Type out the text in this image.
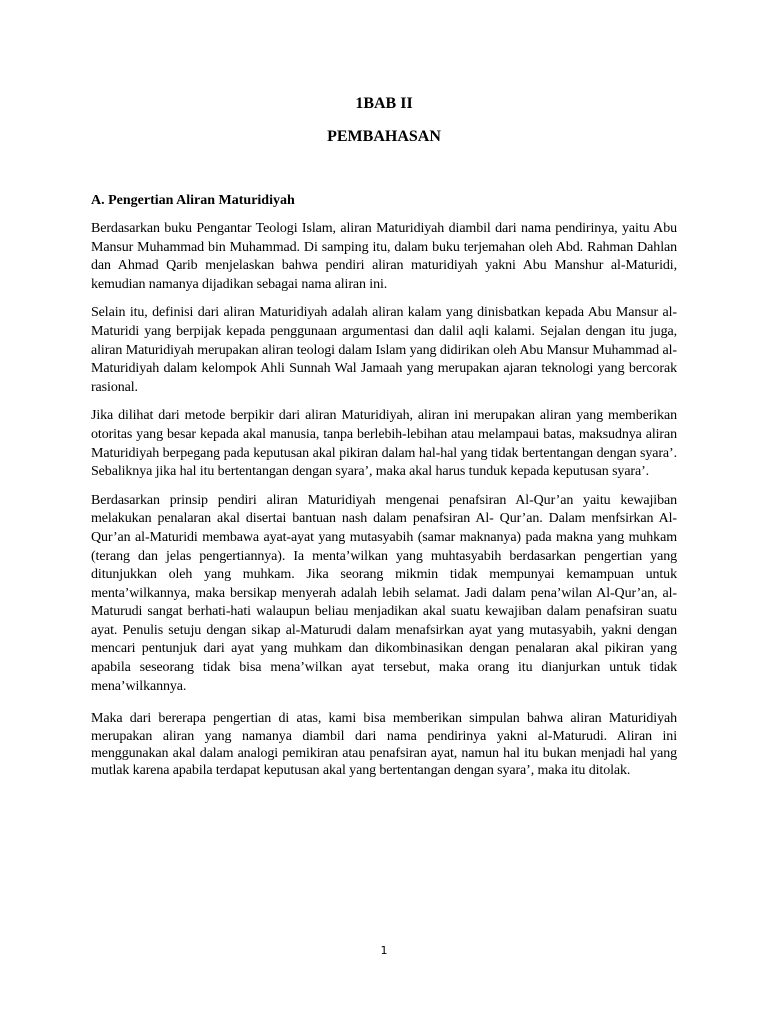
1BAB II
PEMBAHASAN
A. Pengertian Aliran Maturidiyah

Berdasarkan buku Pengantar Teologi Islam, aliran Maturidiyah diambil dari nama pendirinya, yaitu Abu Mansur Muhammad bin Muhammad. Di samping itu, dalam buku terjemahan oleh Abd. Rahman Dahlan dan Ahmad Qarib menjelaskan bahwa pendiri aliran maturidiyah yakni Abu Manshur al-Maturidi, kemudian namanya dijadikan sebagai nama aliran ini.

Selain itu, definisi dari aliran Maturidiyah adalah aliran kalam yang dinisbatkan kepada Abu Mansur al-Maturidi yang berpijak kepada penggunaan argumentasi dan dalil aqli kalami. Sejalan dengan itu juga, aliran Maturidiyah merupakan aliran teologi dalam Islam yang didirikan oleh Abu Mansur Muhammad al-Maturidiyah dalam kelompok Ahli Sunnah Wal Jamaah yang merupakan ajaran teknologi yang bercorak rasional.

Jika dilihat dari metode berpikir dari aliran Maturidiyah, aliran ini merupakan aliran yang memberikan otoritas yang besar kepada akal manusia, tanpa berlebih-lebihan atau melampaui batas, maksudnya aliran Maturidiyah berpegang pada keputusan akal pikiran dalam hal-hal yang tidak bertentangan dengan syara’. Sebaliknya jika hal itu bertentangan dengan syara’, maka akal harus tunduk kepada keputusan syara’.

Berdasarkan prinsip pendiri aliran Maturidiyah mengenai penafsiran Al-Qur’an yaitu kewajiban melakukan penalaran akal disertai bantuan nash dalam penafsiran Al- Qur’an. Dalam menfsirkan Al-Qur’an al-Maturidi membawa ayat-ayat yang mutasyabih (samar maknanya) pada makna yang muhkam (terang dan jelas pengertiannya). Ia menta’wilkan yang muhtasyabih berdasarkan pengertian yang ditunjukkan oleh yang muhkam. Jika seorang mikmin tidak mempunyai kemampuan untuk menta’wilkannya, maka bersikap menyerah adalah lebih selamat. Jadi dalam pena’wilan Al-Qur’an, al-Maturudi sangat berhati-hati walaupun beliau menjadikan akal suatu kewajiban dalam penafsiran suatu ayat. Penulis setuju dengan sikap al-Maturudi dalam menafsirkan ayat yang mutasyabih, yakni dengan mencari pentunjuk dari ayat yang muhkam dan dikombinasikan dengan penalaran akal pikiran yang apabila seseorang tidak bisa mena’wilkan ayat tersebut, maka orang itu dianjurkan untuk tidak mena’wilkannya.

Maka dari bererapa pengertian di atas, kami bisa memberikan simpulan bahwa aliran Maturidiyah merupakan aliran yang namanya diambil dari nama pendirinya yakni al-Maturudi. Aliran ini menggunakan akal dalam analogi pemikiran atau penafsiran ayat, namun hal itu bukan menjadi hal yang mutlak karena apabila terdapat keputusan akal yang bertentangan dengan syara’, maka itu ditolak.

1
